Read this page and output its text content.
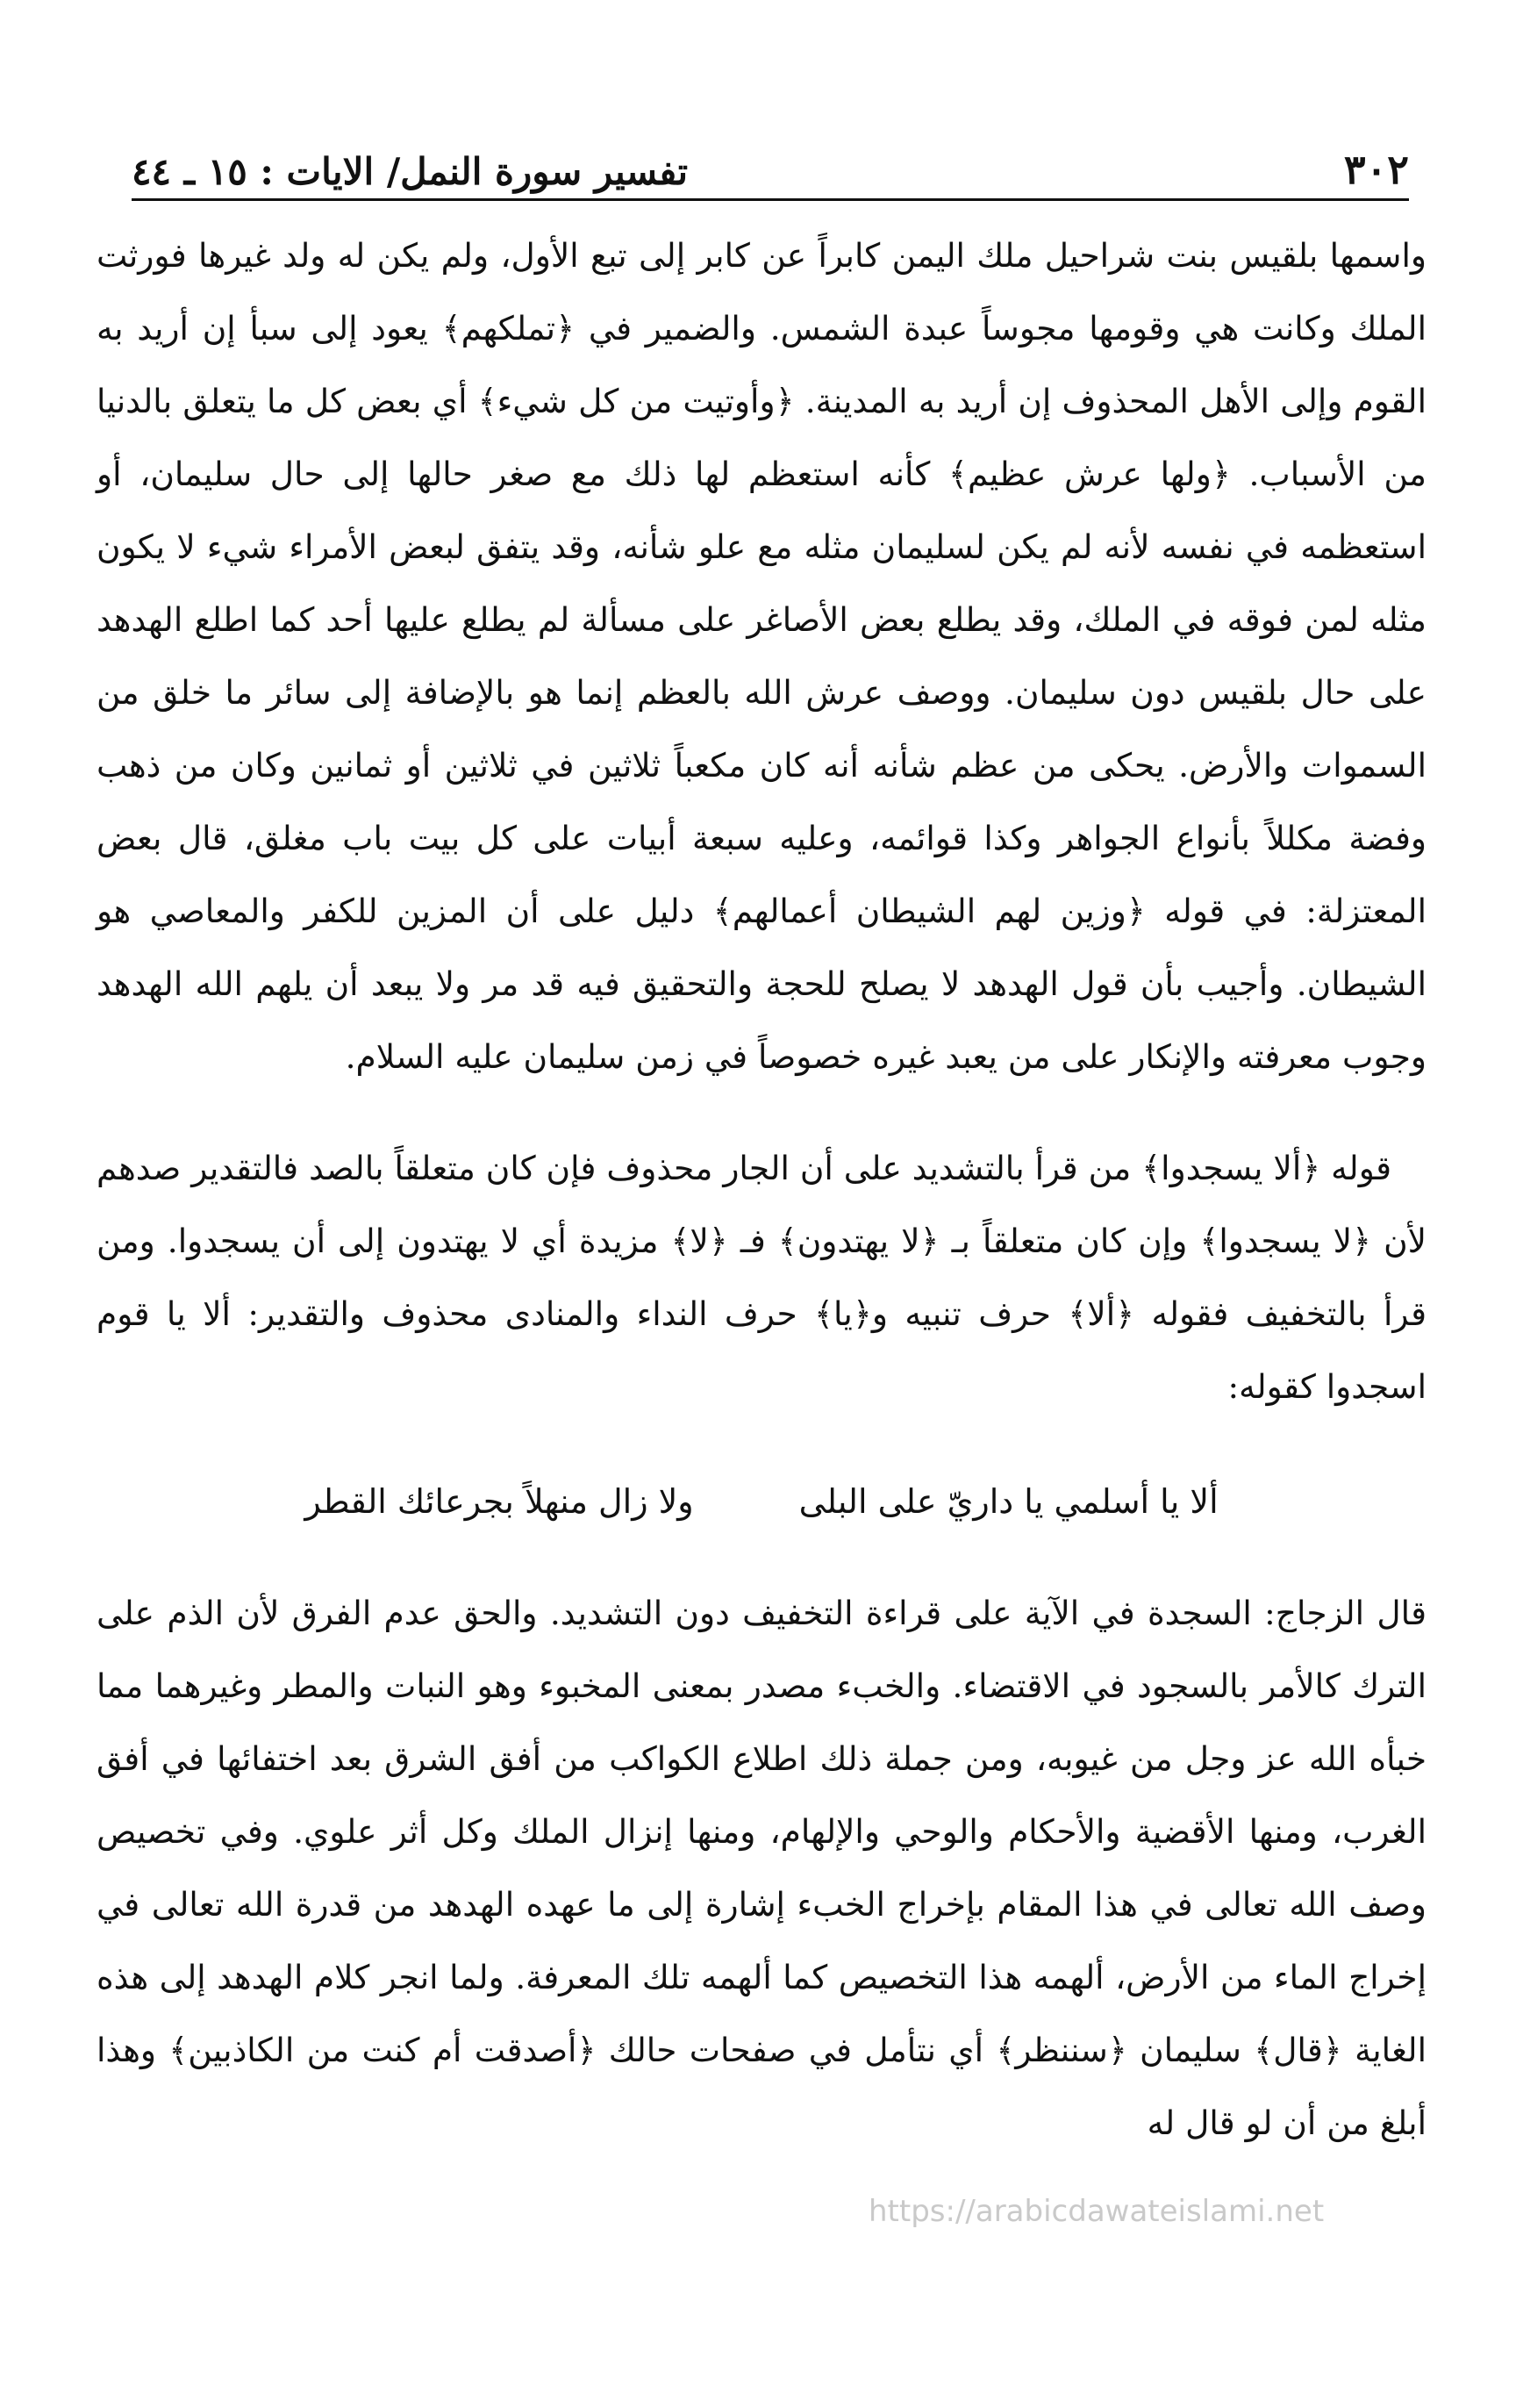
٣٠٢
تفسير سورة النمل/ الايات : ١٥ ـ ٤٤

واسمها بلقيس بنت شراحيل ملك اليمن كابراً عن كابر إلى تبع الأول، ولم يكن له ولد غيرها فورثت الملك وكانت هي وقومها مجوساً عبدة الشمس. والضمير في ﴿تملكهم﴾ يعود إلى سبأ إن أريد به القوم وإلى الأهل المحذوف إن أريد به المدينة. ﴿وأوتيت من كل شيء﴾ أي بعض كل ما يتعلق بالدنيا من الأسباب. ﴿ولها عرش عظيم﴾ كأنه استعظم لها ذلك مع صغر حالها إلى حال سليمان، أو استعظمه في نفسه لأنه لم يكن لسليمان مثله مع علو شأنه، وقد يتفق لبعض الأمراء شيء لا يكون مثله لمن فوقه في الملك، وقد يطلع بعض الأصاغر على مسألة لم يطلع عليها أحد كما اطلع الهدهد على حال بلقيس دون سليمان. ووصف عرش الله بالعظم إنما هو بالإضافة إلى سائر ما خلق من السموات والأرض. يحكى من عظم شأنه أنه كان مكعباً ثلاثين في ثلاثين أو ثمانين وكان من ذهب وفضة مكللاً بأنواع الجواهر وكذا قوائمه، وعليه سبعة أبيات على كل بيت باب مغلق، قال بعض المعتزلة: في قوله ﴿وزين لهم الشيطان أعمالهم﴾ دليل على أن المزين للكفر والمعاصي هو الشيطان. وأجيب بأن قول الهدهد لا يصلح للحجة والتحقيق فيه قد مر ولا يبعد أن يلهم الله الهدهد وجوب معرفته والإنكار على من يعبد غيره خصوصاً في زمن سليمان عليه السلام.

قوله ﴿ألا يسجدوا﴾ من قرأ بالتشديد على أن الجار محذوف فإن كان متعلقاً بالصد فالتقدير صدهم لأن ﴿لا يسجدوا﴾ وإن كان متعلقاً بـ ﴿لا يهتدون﴾ فـ ﴿لا﴾ مزيدة أي لا يهتدون إلى أن يسجدوا. ومن قرأ بالتخفيف فقوله ﴿ألا﴾ حرف تنبيه و﴿يا﴾ حرف النداء والمنادى محذوف والتقدير: ألا يا قوم اسجدوا كقوله:

ألا يا أسلمي يا داريّ على البلى
ولا زال منهلاً بجرعائك القطر

قال الزجاج: السجدة في الآية على قراءة التخفيف دون التشديد. والحق عدم الفرق لأن الذم على الترك كالأمر بالسجود في الاقتضاء. والخبء مصدر بمعنى المخبوء وهو النبات والمطر وغيرهما مما خبأه الله عز وجل من غيوبه، ومن جملة ذلك اطلاع الكواكب من أفق الشرق بعد اختفائها في أفق الغرب، ومنها الأقضية والأحكام والوحي والإلهام، ومنها إنزال الملك وكل أثر علوي. وفي تخصيص وصف الله تعالى في هذا المقام بإخراج الخبء إشارة إلى ما عهده الهدهد من قدرة الله تعالى في إخراج الماء من الأرض، ألهمه هذا التخصيص كما ألهمه تلك المعرفة. ولما انجر كلام الهدهد إلى هذه الغاية ﴿قال﴾ سليمان ﴿سننظر﴾ أي نتأمل في صفحات حالك ﴿أصدقت أم كنت من الكاذبين﴾ وهذا أبلغ من أن لو قال له

https://arabicdawateislami.net
